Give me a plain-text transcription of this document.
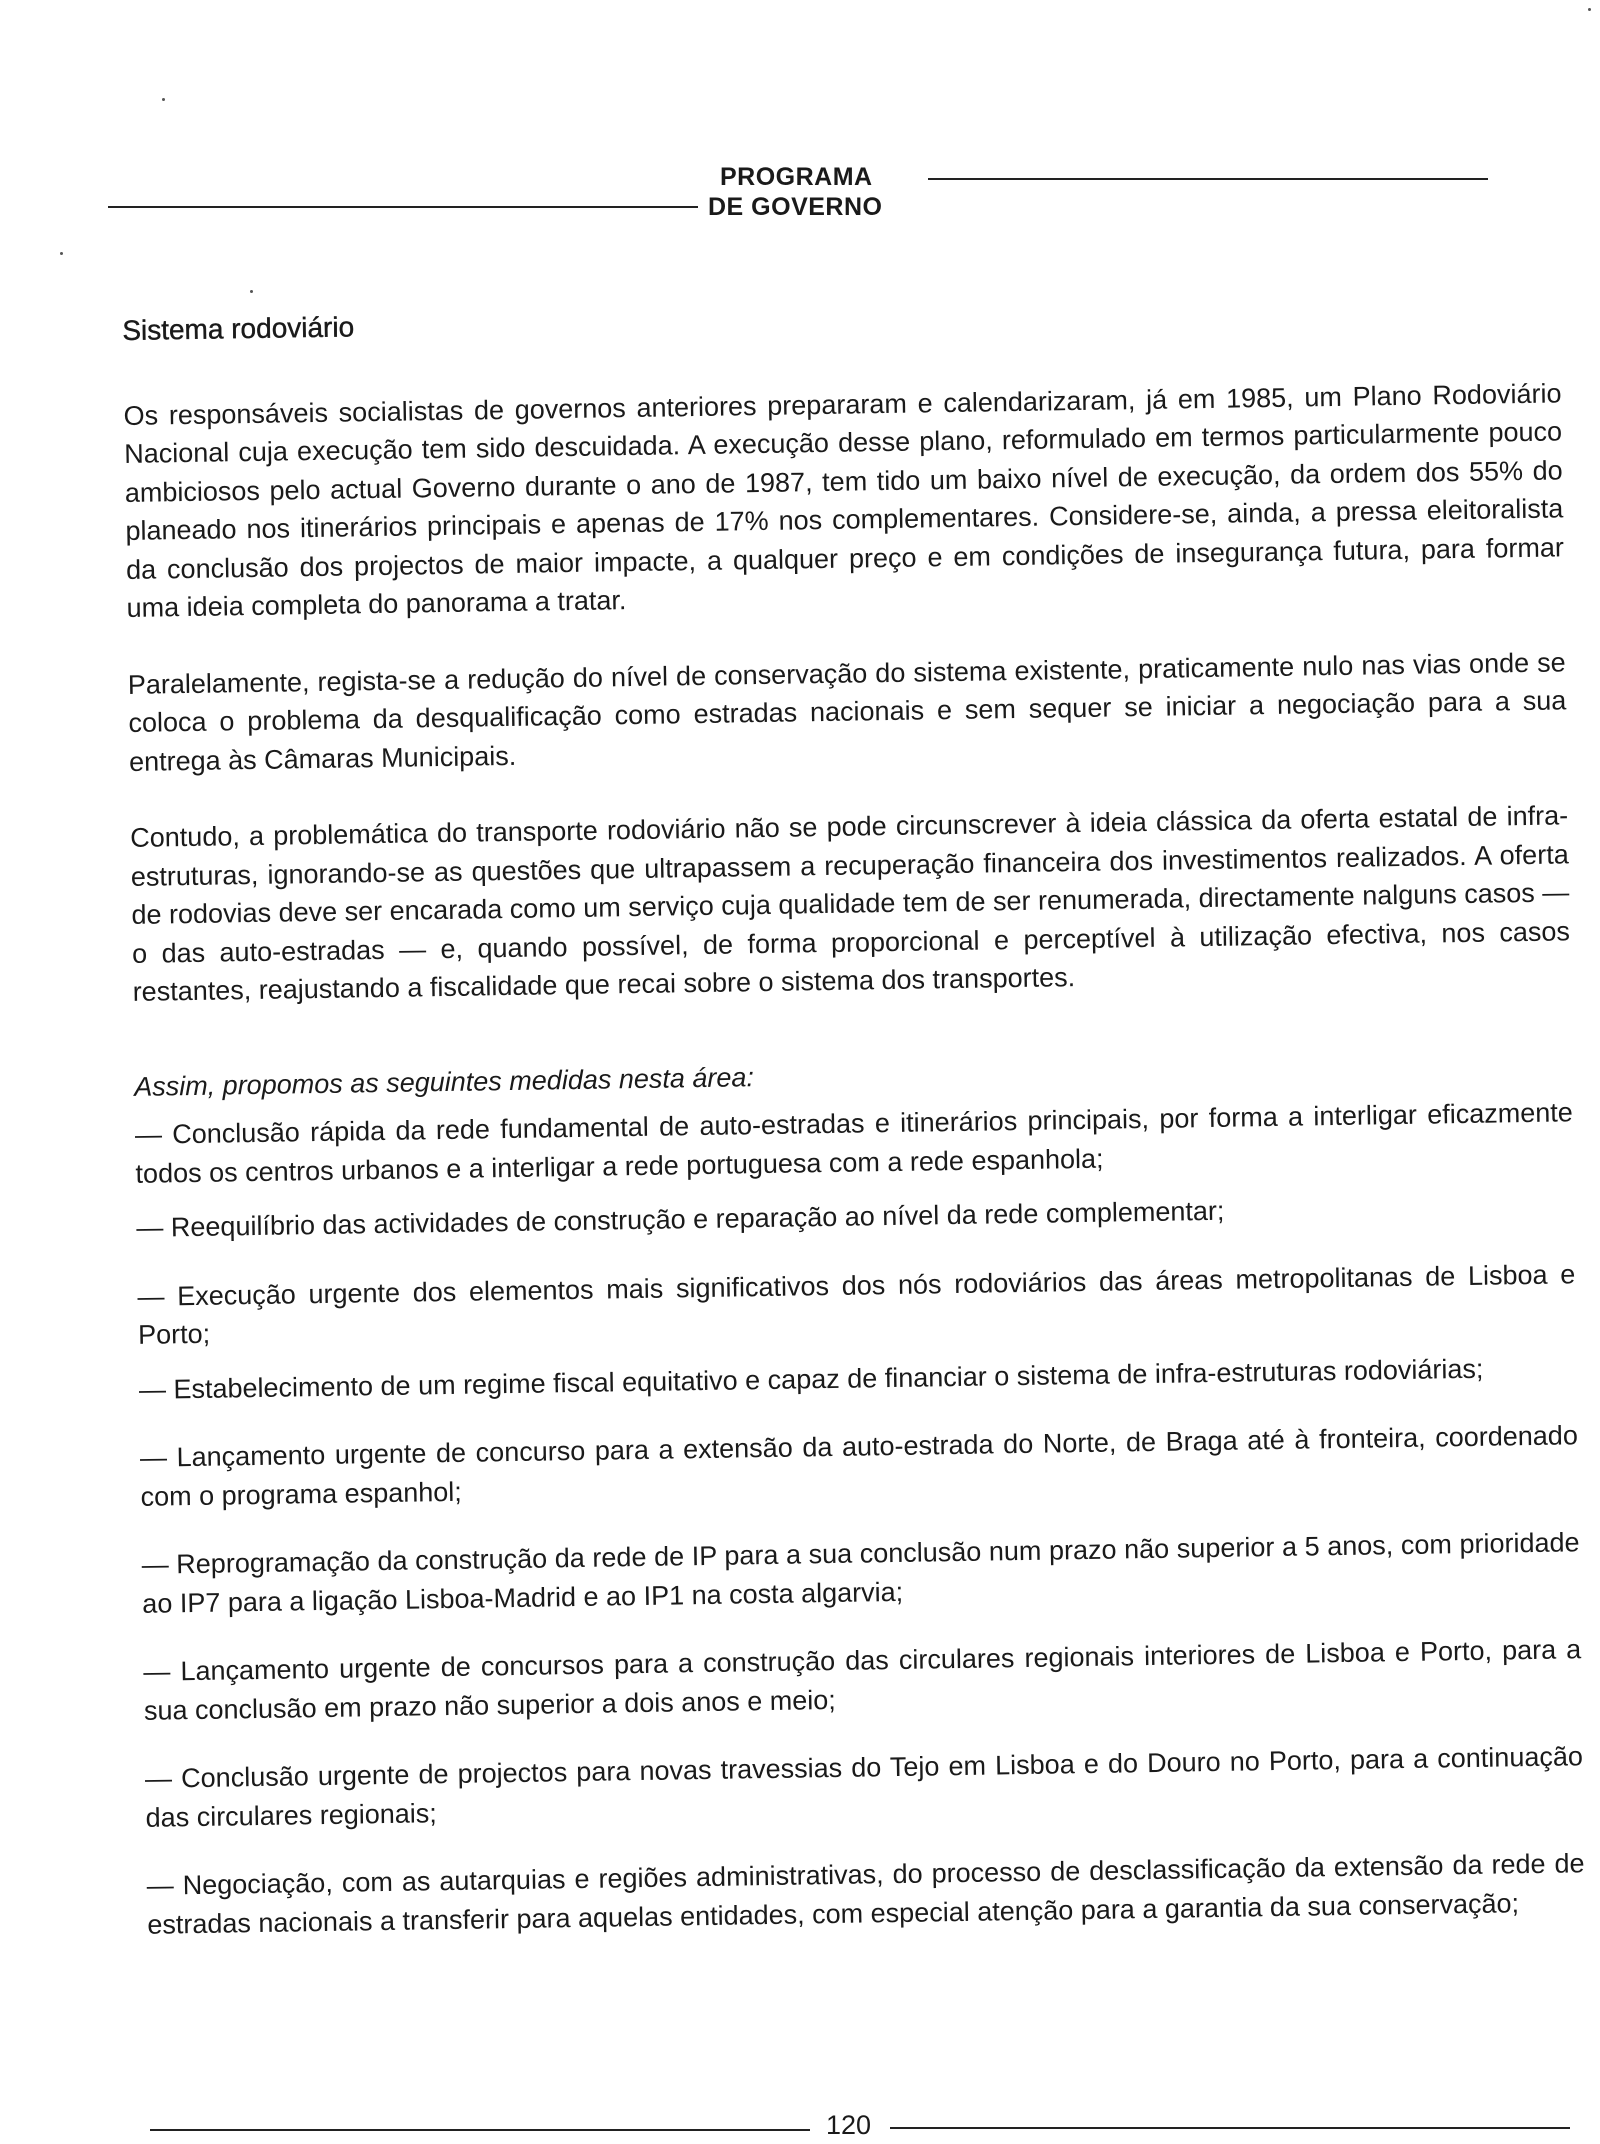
PROGRAMA
DE GOVERNO
Sistema rodoviário

Os responsáveis socialistas de governos anteriores prepararam e calendarizaram, já em 1985, um Plano Rodoviário Nacional cuja execução tem sido descuidada. A execução desse plano, reformulado em termos particularmente pouco ambiciosos pelo actual Governo durante o ano de 1987, tem tido um baixo nível de execução, da ordem dos 55% do planeado nos itinerários principais e apenas de 17% nos complementares. Considere-se, ainda, a pressa eleitoralista da conclusão dos projectos de maior impacte, a qualquer preço e em condições de insegurança futura, para formar uma ideia completa do panorama a tratar.

Paralelamente, regista-se a redução do nível de conservação do sistema existente, praticamente nulo nas vias onde se coloca o problema da desqualificação como estradas nacionais e sem sequer se iniciar a negociação para a sua entrega às Câmaras Municipais.

Contudo, a problemática do transporte rodoviário não se pode circunscrever à ideia clássica da oferta estatal de infra-estruturas, ignorando-se as questões que ultrapassem a recuperação financeira dos investimentos realizados. A oferta de rodovias deve ser encarada como um serviço cuja qualidade tem de ser renumerada, directamente nalguns casos — o das auto-estradas — e, quando possível, de forma proporcional e perceptível à utilização efectiva, nos casos restantes, reajustando a fiscalidade que recai sobre o sistema dos transportes.

Assim, propomos as seguintes medidas nesta área:

— Conclusão rápida da rede fundamental de auto-estradas e itinerários principais, por forma a interligar eficazmente todos os centros urbanos e a interligar a rede portuguesa com a rede espanhola;

— Reequilíbrio das actividades de construção e reparação ao nível da rede complementar;

— Execução urgente dos elementos mais significativos dos nós rodoviários das áreas metropolitanas de Lisboa e Porto;

— Estabelecimento de um regime fiscal equitativo e capaz de financiar o sistema de infra-estruturas rodoviárias;

— Lançamento urgente de concurso para a extensão da auto-estrada do Norte, de Braga até à fronteira, coordenado com o programa espanhol;

— Reprogramação da construção da rede de IP para a sua conclusão num prazo não superior a 5 anos, com prioridade ao IP7 para a ligação Lisboa-Madrid e ao IP1 na costa algarvia;

— Lançamento urgente de concursos para a construção das circulares regionais interiores de Lisboa e Porto, para a sua conclusão em prazo não superior a dois anos e meio;

— Conclusão urgente de projectos para novas travessias do Tejo em Lisboa e do Douro no Porto, para a continuação das circulares regionais;

— Negociação, com as autarquias e regiões administrativas, do processo de desclassificação da extensão da rede de estradas nacionais a transferir para aquelas entidades, com especial atenção para a garantia da sua conservação;

120
